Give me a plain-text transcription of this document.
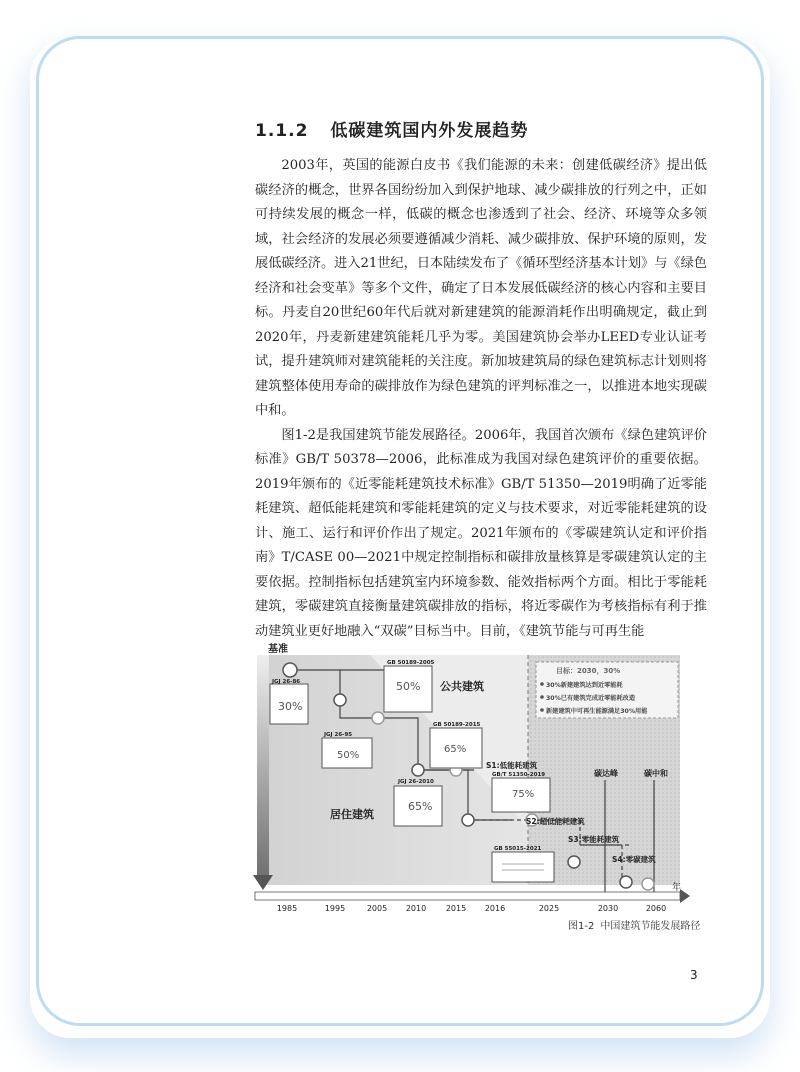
1.1.2 低碳建筑国内外发展趋势

2003年，英国的能源白皮书《我们能源的未来：创建低碳经济》提出低碳经济的概念，世界各国纷纷加入到保护地球、减少碳排放的行列之中，正如可持续发展的概念一样，低碳的概念也渗透到了社会、经济、环境等众多领域，社会经济的发展必须要遵循减少消耗、减少碳排放、保护环境的原则，发展低碳经济。进入21世纪，日本陆续发布了《循环型经济基本计划》与《绿色经济和社会变革》等多个文件，确定了日本发展低碳经济的核心内容和主要目标。丹麦自20世纪60年代后就对新建建筑的能源消耗作出明确规定，截止到2020年，丹麦新建建筑能耗几乎为零。美国建筑协会举办LEED专业认证考试，提升建筑师对建筑能耗的关注度。新加坡建筑局的绿色建筑标志计划则将建筑整体使用寿命的碳排放作为绿色建筑的评判标准之一，以推进本地实现碳中和。

图1-2是我国建筑节能发展路径。2006年，我国首次颁布《绿色建筑评价标准》GB/T 50378—2006，此标准成为我国对绿色建筑评价的重要依据。2019年颁布的《近零能耗建筑技术标准》GB/T 51350—2019明确了近零能耗建筑、超低能耗建筑和零能耗建筑的定义与技术要求，对近零能耗建筑的设计、施工、运行和评价作出了规定。2021年颁布的《零碳建筑认定和评价指南》T/CASE 00—2021中规定控制指标和碳排放量核算是零碳建筑认定的主要依据。控制指标包括建筑室内环境参数、能效指标两个方面。相比于零能耗建筑，零碳建筑直接衡量建筑碳排放的指标，将近零碳作为考核指标有利于推动建筑业更好地融入“双碳”目标当中。目前，《建筑节能与可再生能

基准
公共建筑
居住建筑
JGJ 26-86
30%
JGJ 26-95
50%
GB 50189-2005
50%
GB 50189-2015
65%
JGJ 26-2010
65%
GB/T 51350-2019
75%
GB 55015-2021
S1:低能耗建筑
S2:超低能耗建筑
S3:零能耗建筑
S4:零碳建筑
碳达峰	碳中和
目标：2030，30%
30%新建建筑达到近零能耗
30%已有建筑完成近零能耗改造
新建建筑中可再生能源满足30%用能
年
1985	1995	2005 2010 2015 2016	2025	2030	2060
图1-2 中国建筑节能发展路径
3
